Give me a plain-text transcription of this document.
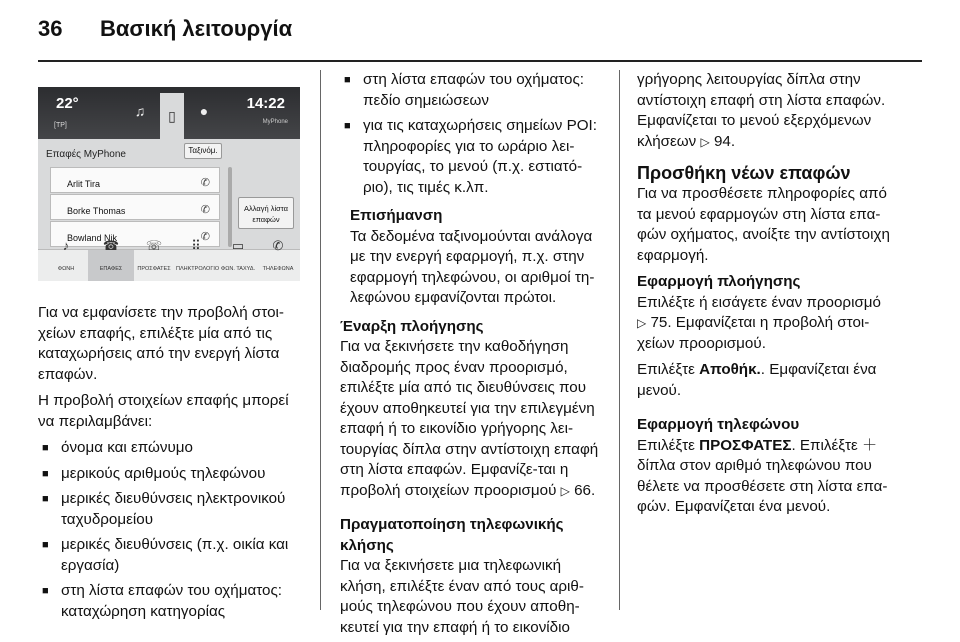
36	Βασική λειτουργία
22°
[TP]
♫	▯	●	14:22
MyPhone
Επαφές MyPhone	Ταξινόμ.
Arlit Tira	✆
Borke Thomas	✆
Bowland Nik	✆
Αλλαγή λίστα
επαφών
♪
ΦΩΝΗ
☎
ΕΠΑΦΕΣ
☏
ΠΡΟΣΦΑΤΕΣ
⠿
ΠΛΗΚΤΡΟΛΟΓΙΟ
▭
ΦΩΝ. ΤΑΧΥΔ.
✆
ΤΗΛΕΦΩΝΑ

Για να εμφανίσετε την προβολή στοι-χείων επαφής, επιλέξτε μία από τις καταχωρήσεις από την ενεργή λίστα επαφών.

Η προβολή στοιχείων επαφής μπορεί να περιλαμβάνει:

■ όνομα και επώνυμο
■ μερικούς αριθμούς τηλεφώνου
■ μερικές διευθύνσεις ηλεκτρονικού ταχυδρομείου
■ μερικές διευθύνσεις (π.χ. οικία και εργασία)
■ στη λίστα επαφών του οχήματος: καταχώρηση κατηγορίας
■ στη λίστα επαφών του οχήματος: πεδίο σημειώσεων
■ για τις καταχωρήσεις σημείων POI: πληροφορίες για το ωράριο λει-τουργίας, το μενού (π.χ. εστιατό-ριο), τις τιμές κ.λπ.
Επισήμανση

Τα δεδομένα ταξινομούνται ανάλογα με την ενεργή εφαρμογή, π.χ. στην εφαρμογή τηλεφώνου, οι αριθμοί τη-λεφώνου εμφανίζονται πρώτοι.

Έναρξη πλοήγησης

Για να ξεκινήσετε την καθοδήγηση διαδρομής προς έναν προορισμό, επιλέξτε μία από τις διευθύνσεις που έχουν αποθηκευτεί για την επιλεγμένη επαφή ή το εικονίδιο γρήγορης λει-τουργίας δίπλα στην αντίστοιχη επαφή στη λίστα επαφών. Εμφανίζε-ται η προβολή στοιχείων προορισμού ▷ 66.

Πραγματοποίηση τηλεφωνικής κλήσης

Για να ξεκινήσετε μια τηλεφωνική κλήση, επιλέξτε έναν από τους αριθ-μούς τηλεφώνου που έχουν αποθη-κευτεί για την επαφή ή το εικονίδιο

γρήγορης λειτουργίας δίπλα στην αντίστοιχη επαφή στη λίστα επαφών. Εμφανίζεται το μενού εξερχόμενων κλήσεων ▷ 94.

Προσθήκη νέων επαφών

Για να προσθέσετε πληροφορίες από τα μενού εφαρμογών στη λίστα επα-φών οχήματος, ανοίξτε την αντίστοιχη εφαρμογή.

Εφαρμογή πλοήγησης

Επιλέξτε ή εισάγετε έναν προορισμό
▷ 75. Εμφανίζεται η προβολή στοι-χείων προορισμού.

Επιλέξτε Αποθήκ.. Εμφανίζεται ένα μενού.

Εφαρμογή τηλεφώνου

Επιλέξτε ΠΡΟΣΦΑΤΕΣ. Επιλέξτε ＋ δίπλα στον αριθμό τηλεφώνου που θέλετε να προσθέσετε στη λίστα επα-φών. Εμφανίζεται ένα μενού.
